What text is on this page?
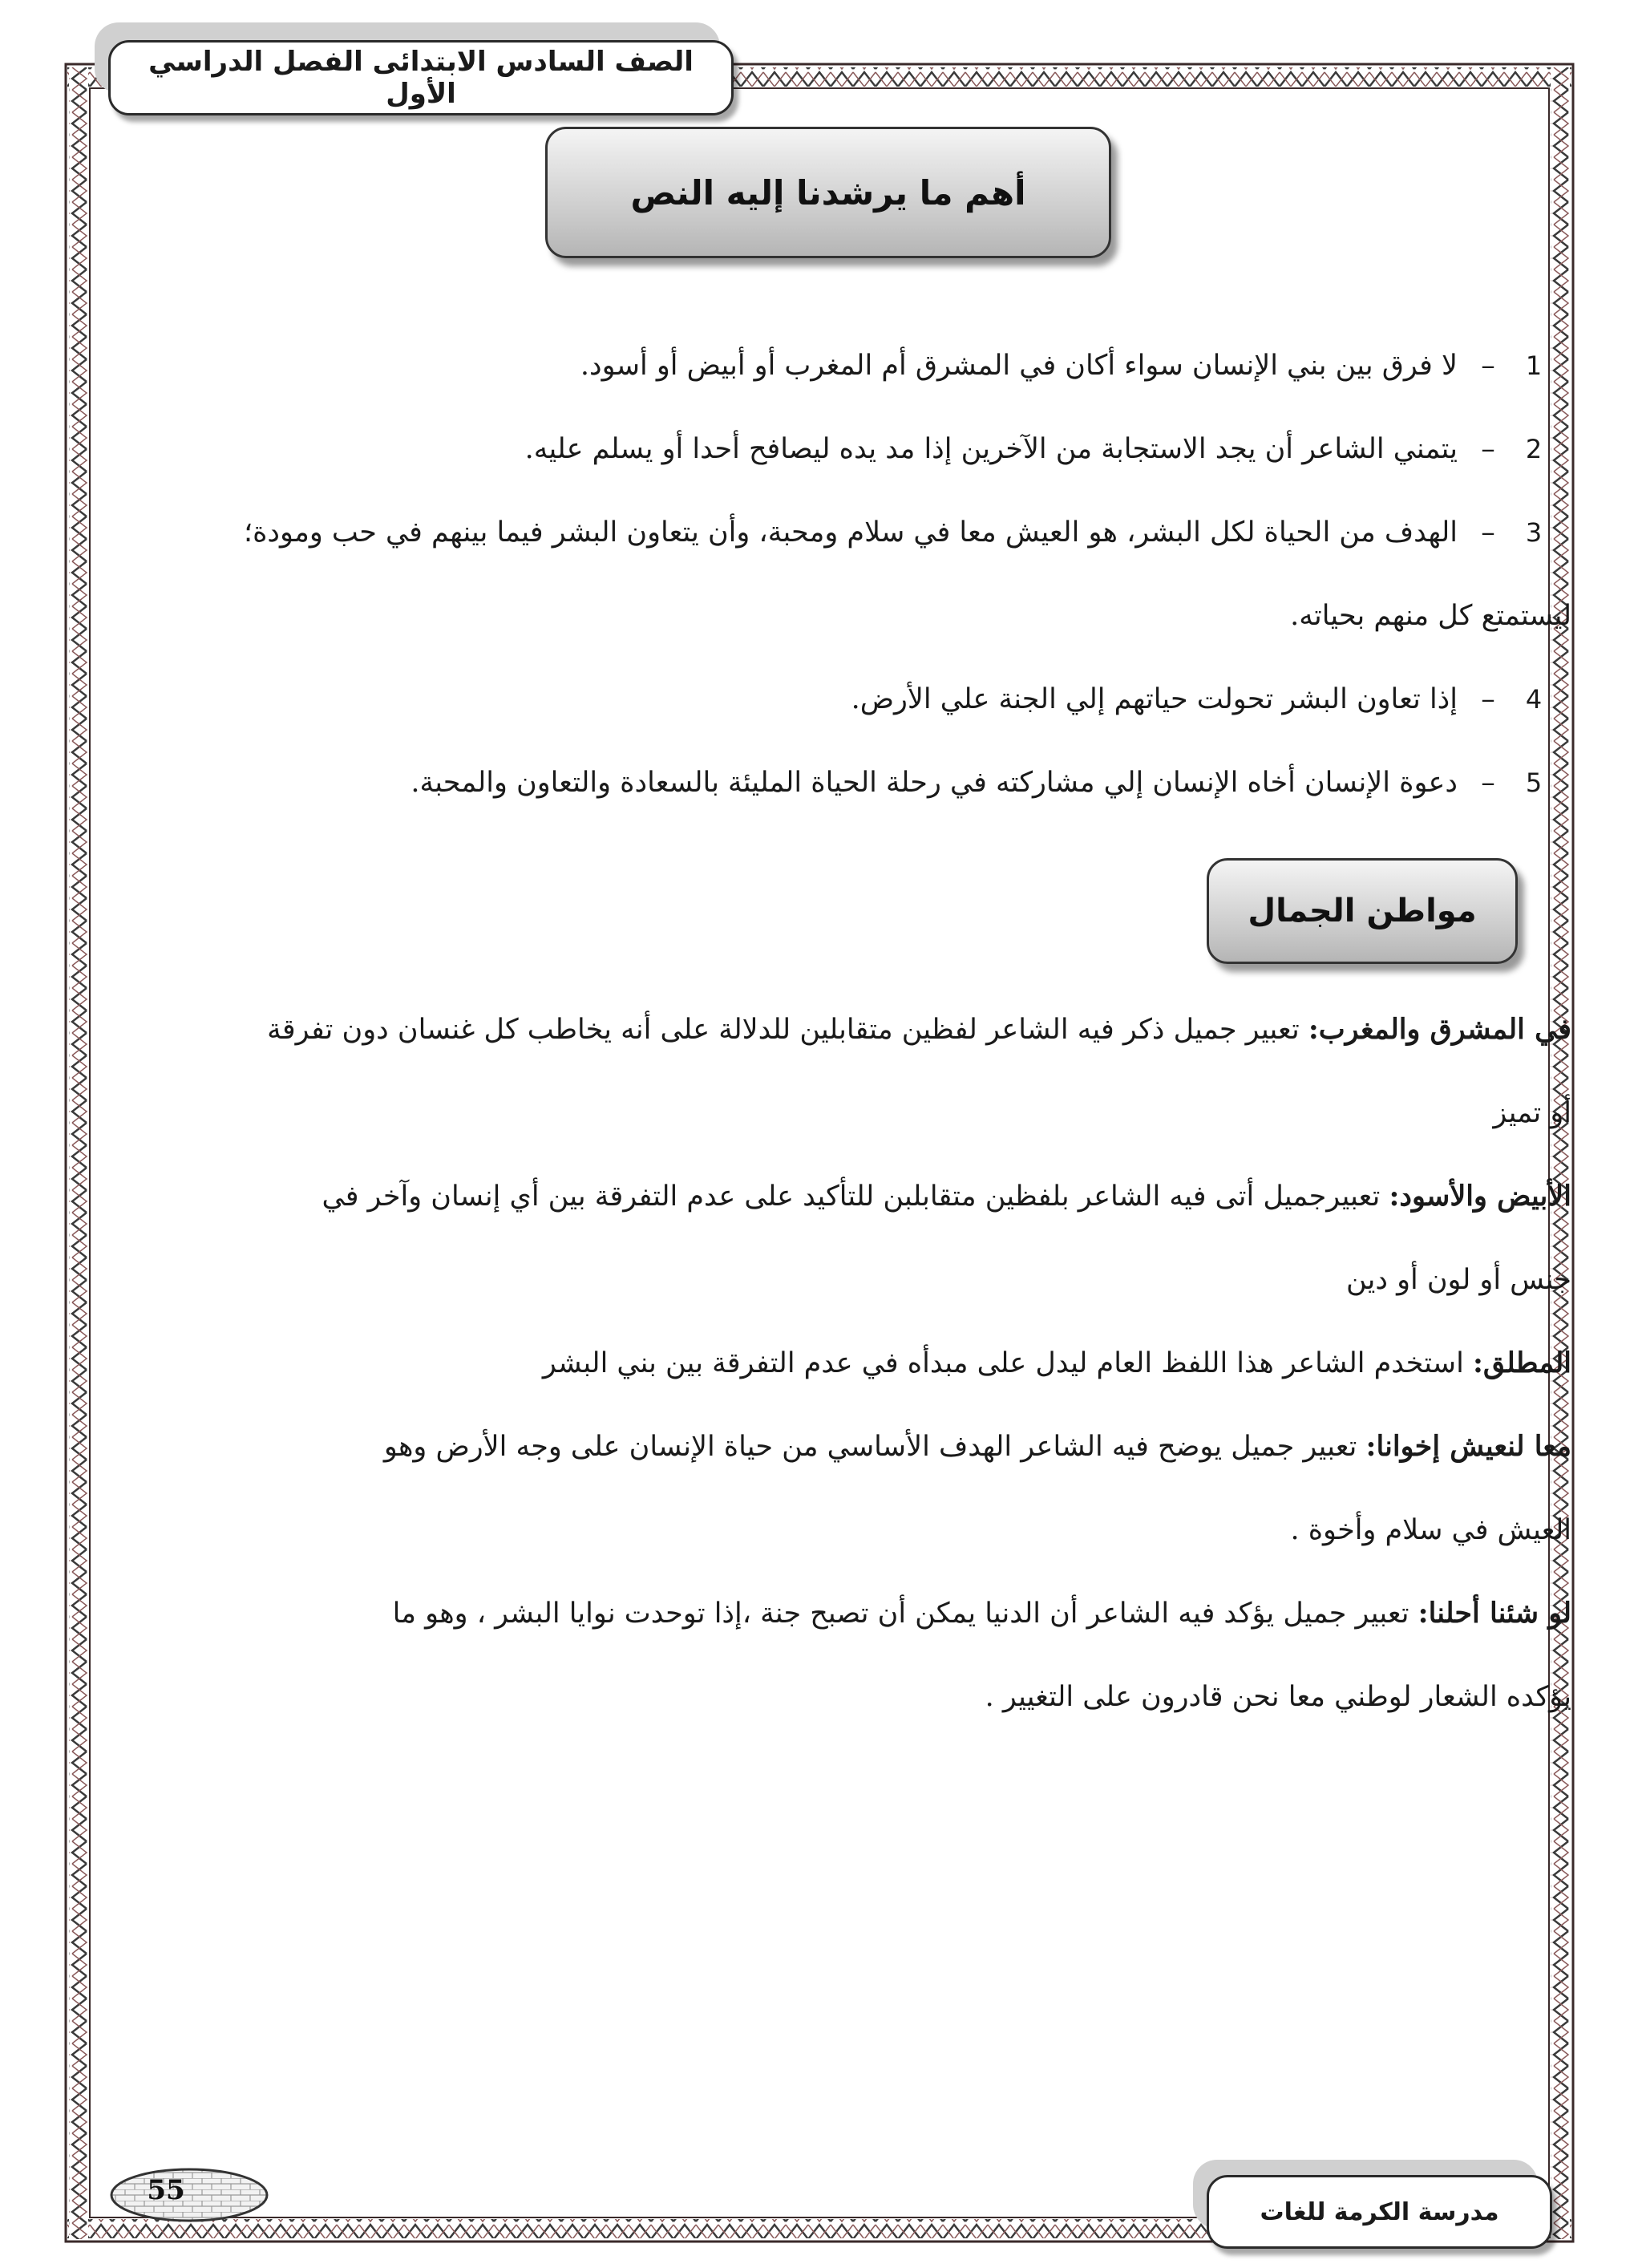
الصف السادس الابتدائى الفصل الدراسي الأول
أهم ما يرشدنا إليه النص
1
–
لا فرق بين بني الإنسان سواء أكان في المشرق أم المغرب أو أبيض أو أسود.
2
–
يتمني الشاعر أن يجد الاستجابة من الآخرين إذا مد يده ليصافح أحدا أو يسلم عليه.
3
–
الهدف من الحياة لكل البشر، هو العيش معا في سلام ومحبة، وأن يتعاون البشر فيما بينهم في حب ومودة؛
ليستمتع كل منهم بحياته.
4
–
إذا تعاون البشر تحولت حياتهم إلي الجنة علي الأرض.
5
–
دعوة الإنسان أخاه الإنسان إلي مشاركته في رحلة الحياة المليئة بالسعادة والتعاون والمحبة.
مواطن الجمال
في المشرق والمغرب: تعبير جميل ذكر فيه الشاعر لفظين متقابلين للدلالة على أنه يخاطب كل غنسان دون تفرقة
أو تميز
الأبيض والأسود: تعبيرجميل أتى فيه الشاعر بلفظين متقابلبن للتأكيد على عدم التفرقة بين أي إنسان وآخر في
جنس أو لون أو دين
المطلق: استخدم الشاعر هذا اللفظ العام ليدل على مبدأه في عدم التفرقة بين بني البشر
معا لنعيش إخوانا: تعبير جميل يوضح فيه الشاعر الهدف الأساسي من حياة الإنسان على وجه الأرض وهو
العيش في سلام وأخوة .
لو شئنا أحلنا: تعبير جميل يؤكد فيه الشاعر أن الدنيا يمكن أن تصبح جنة ،إذا توحدت نوايا البشر ، وهو ما
يؤكده الشعار لوطني معا نحن قادرون على التغيير .
55
مدرسة الكرمة للغات
